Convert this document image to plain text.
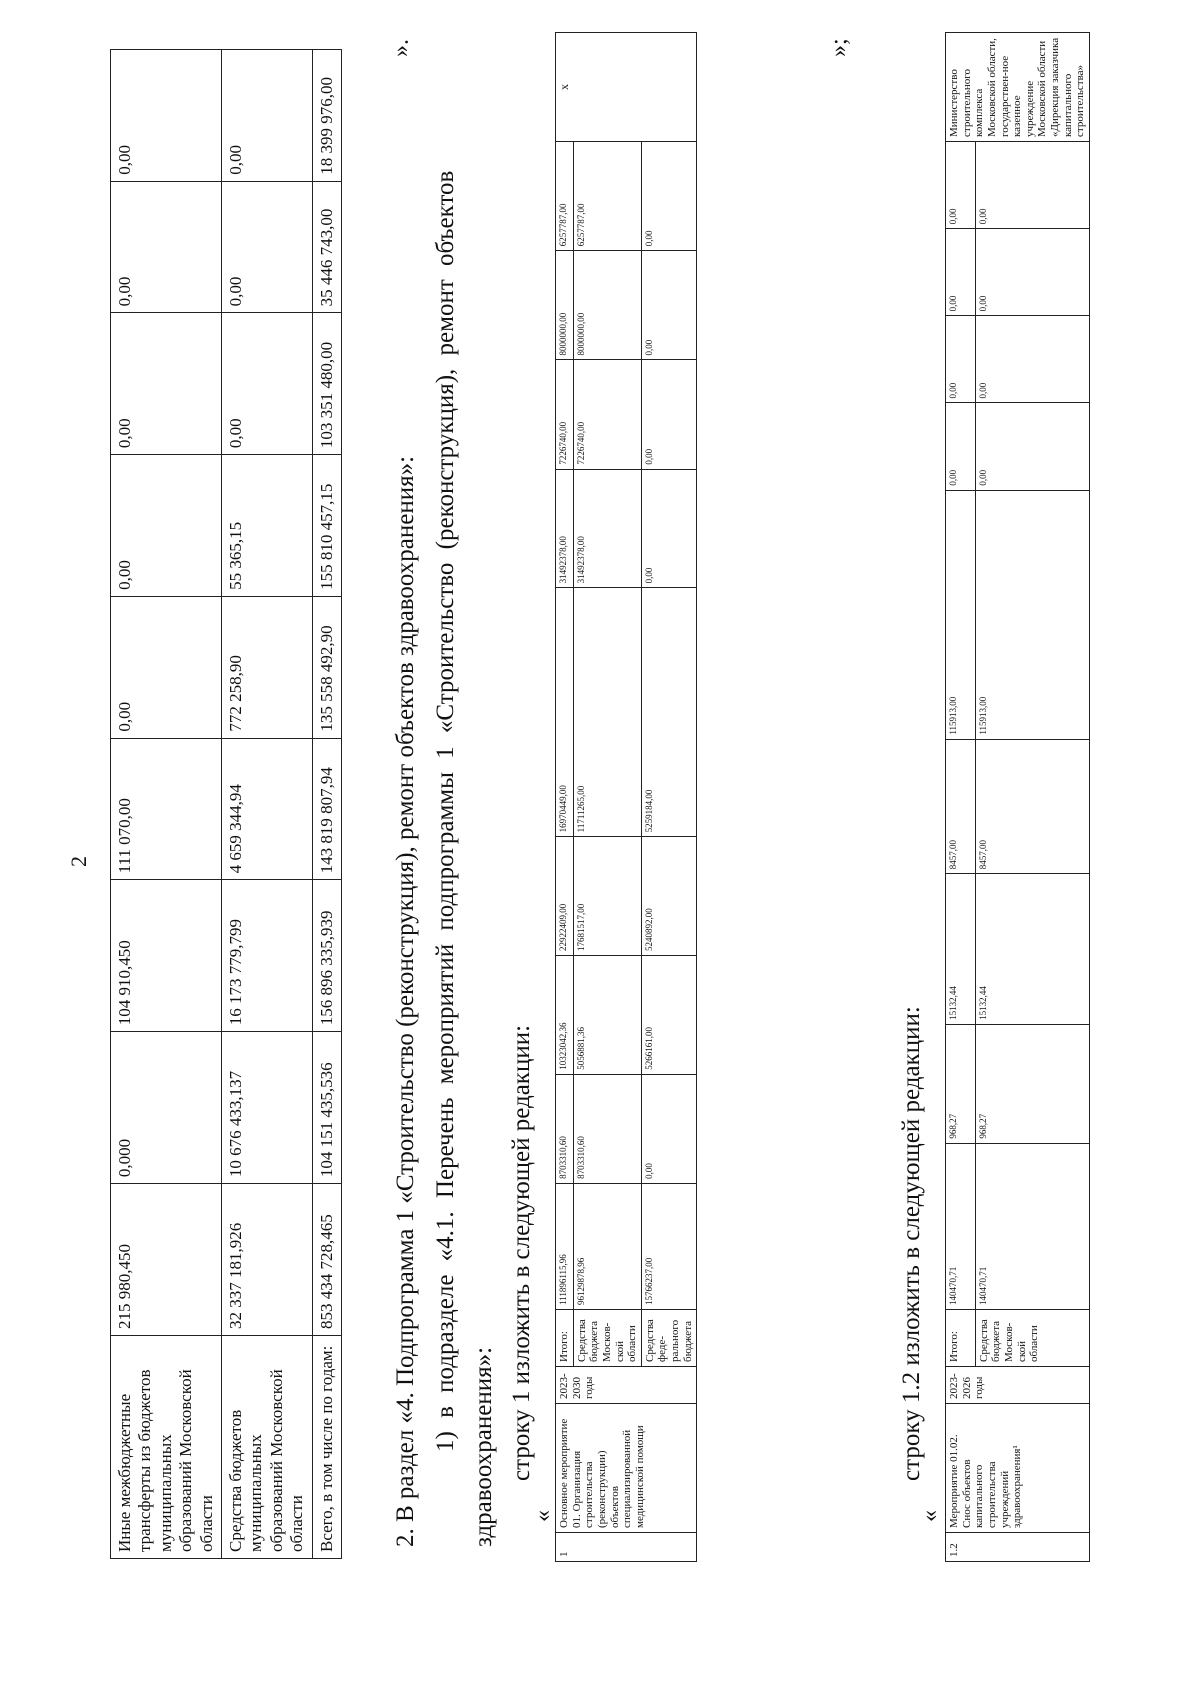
2
Иные межбюджетные трансферты из бюджетов муниципальных образований Московской области	215 980,450	0,000	104 910,450	111 070,00	0,00	0,00	0,00	0,00	0,00
Средства бюджетов муниципальных образований Московской области	32 337 181,926	10 676 433,137	16 173 779,799	4 659 344,94	772 258,90	55 365,15	0,00	0,00	0,00
Всего, в том числе по годам:	853 434 728,465	104 151 435,536	156 896 335,939	143 819 807,94	135 558 492,90	155 810 457,15	103 351 480,00	35 446 743,00	18 399 976,00
».
2. В раздел «4. Подпрограмма 1 «Строительство (реконструкция), ремонт объектов здравоохранения»: 1) в подразделе «4.1. Перечень мероприятий подпрограммы 1 «Строительство (реконструкция), ремонт объектов здравоохранения»: строку 1 изложить в следующей редакции:
«
1	Основное мероприятие 01. Организация строительства (реконструкции) объектов специализированной медицинской помощи	2023-2030 годы	Итого:	111896115,96	8703310,60	10323042,36	22922409,00	16970449,00	31492378,00	7226740,00	8000000,00	6257787,00	х
			Средства бюджета Москов-ской области	96129878,96	8703310,60	5056881,36	17681517,00	11711265,00	31492378,00	7226740,00	8000000,00	6257787,00	
			Средства феде-рального бюджета	15766237,00	0,00	5266161,00	5240892,00	5259184,00	0,00	0,00	0,00	0,00	
»;
строку 1.2 изложить в следующей редакции:
«
1.2	Мероприятие 01.02. Снос объектов капитального строительства учреждений здравоохранения¹	2023-2026 годы	Итого:	140470,71	968,27	15132,44	8457,00	115913,00	0,00	0,00	0,00	0,00	Министерство строительного комплекса Московской области, государствен-ное казенное учреждение Московской области «Дирекция заказчика капитального строительства»
			Средства бюджета Москов-ской области	140470,71	968,27	15132,44	8457,00	115913,00	0,00	0,00	0,00	0,00	
